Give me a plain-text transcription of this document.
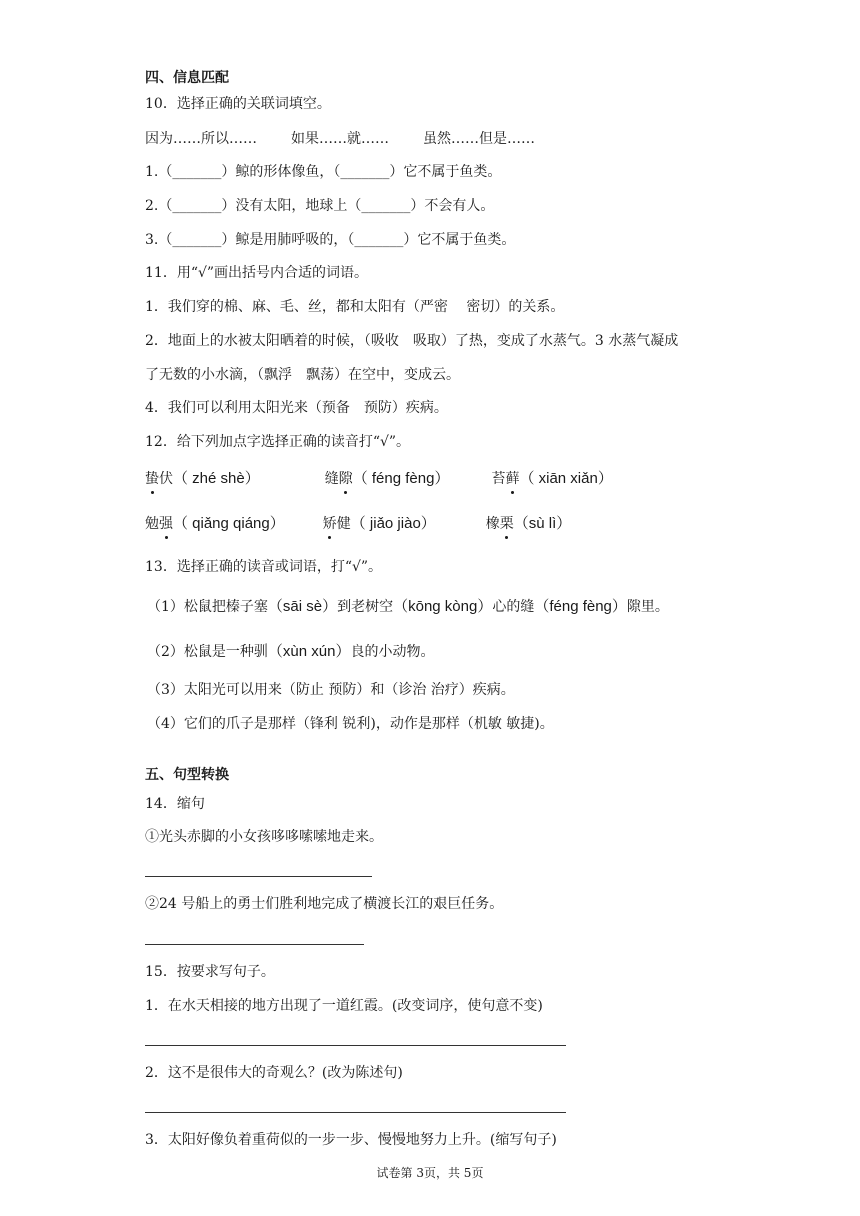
四、信息匹配
10．选择正确的关联词填空。
因为……所以…… 如果……就…… 虽然……但是……
1.（_______）鲸的形体像鱼，（_______）它不属于鱼类。
2.（_______）没有太阳，地球上（_______）不会有人。
3.（_______）鲸是用肺呼吸的，（_______）它不属于鱼类。
11．用“√”画出括号内合适的词语。
1．我们穿的棉、麻、毛、丝，都和太阳有（严密　 密切）的关系。
2．地面上的水被太阳晒着的时候，（吸收　吸取）了热，变成了水蒸气。3 水蒸气凝成
了无数的小水滴，（飘浮　飘荡）在空中，变成云。
4．我们可以利用太阳光来（预备　预防）疾病。
12．给下列加点字选择正确的读音打“√”。
蛰伏（ zhé shè）	缝隙（ féng fèng）	苔藓（ xiān xiǎn）
勉强（ qiǎng qiáng）	矫健（ jiǎo jiào）	橡栗（sù lì）
13．选择正确的读音或词语，打“√”。
（1）松鼠把榛子塞（sāi sè）到老树空（kōng kòng）心的缝（féng fèng）隙里。
（2）松鼠是一种驯（xùn xún）良的小动物。
（3）太阳光可以用来（防止 预防）和（诊治 治疗）疾病。
（4）它们的爪子是那样（锋利 锐利)，动作是那样（机敏 敏捷)。
五、句型转换
14．缩句
①光头赤脚的小女孩哆哆嗦嗦地走来。
②24 号船上的勇士们胜利地完成了横渡长江的艰巨任务。
15．按要求写句子。
1．在水天相接的地方出现了一道红霞。(改变词序，使句意不变)
2．这不是很伟大的奇观么？(改为陈述句)
3．太阳好像负着重荷似的一步一步、慢慢地努力上升。(缩写句子)
试卷第 3页，共 5页
